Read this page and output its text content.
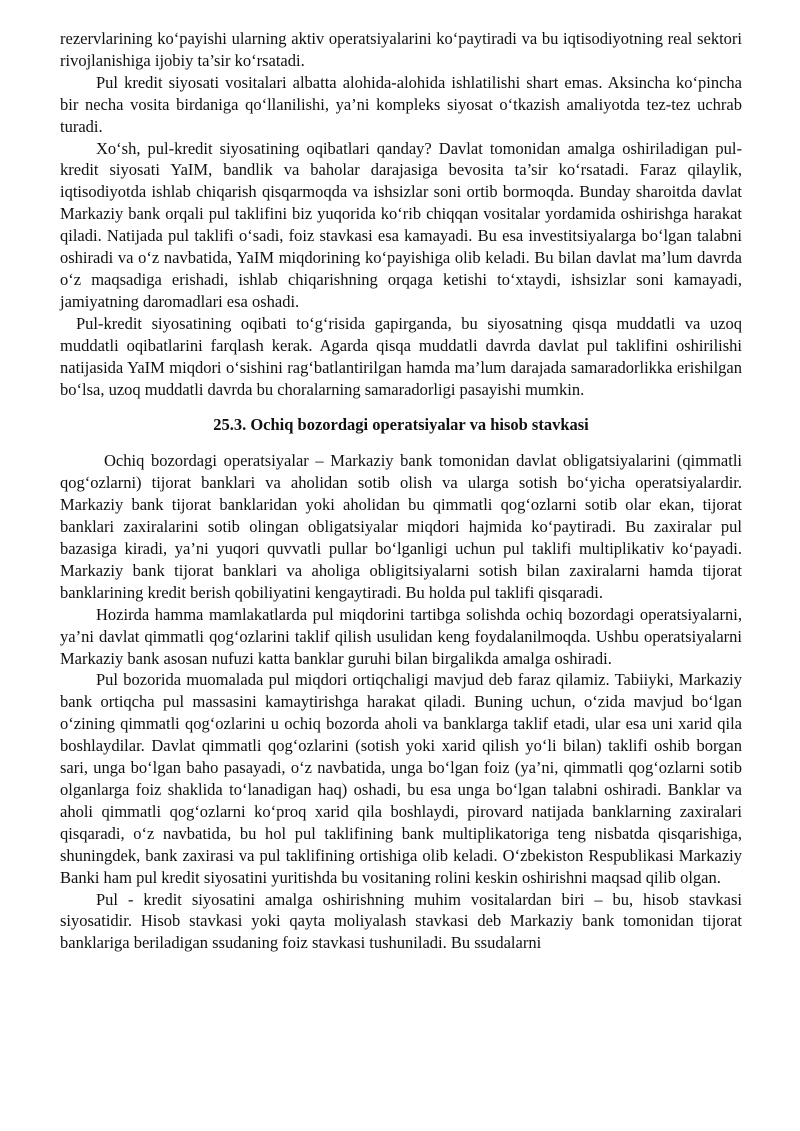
rezervlarining ko‘payishi ularning aktiv operatsiyalarini ko‘paytiradi va bu iqtisodiyotning real sektori rivojlanishiga ijobiy ta’sir ko‘rsatadi.

Pul kredit siyosati vositalari albatta alohida-alohida ishlatilishi shart emas. Aksincha ko‘pincha bir necha vosita birdaniga qo‘llanilishi, ya’ni kompleks siyosat o‘tkazish amaliyotda tez-tez uchrab turadi.

Xo‘sh, pul-kredit siyosatining oqibatlari qanday? Davlat tomonidan amalga oshiriladigan pul-kredit siyosati YaIM, bandlik va baholar darajasiga bevosita ta’sir ko‘rsatadi. Faraz qilaylik, iqtisodiyotda ishlab chiqarish qisqarmoqda va ishsizlar soni ortib bormoqda. Bunday sharoitda davlat Markaziy bank orqali pul taklifini biz yuqorida ko‘rib chiqqan vositalar yordamida oshirishga harakat qiladi. Natijada pul taklifi o‘sadi, foiz stavkasi esa kamayadi. Bu esa investitsiyalarga bo‘lgan talabni oshiradi va o‘z navbatida, YaIM miqdorining ko‘payishiga olib keladi. Bu bilan davlat ma’lum davrda o‘z maqsadiga erishadi, ishlab chiqarishning orqaga ketishi to‘xtaydi, ishsizlar soni kamayadi, jamiyatning daromadlari esa oshadi.

Pul-kredit siyosatining oqibati to‘g‘risida gapirganda, bu siyosatning qisqa muddatli va uzoq muddatli oqibatlarini farqlash kerak. Agarda qisqa muddatli davrda davlat pul taklifini oshirilishi natijasida YaIM miqdori o‘sishini rag‘batlantirilgan hamda ma’lum darajada samaradorlikka erishilgan bo‘lsa, uzoq muddatli davrda bu choralarning samaradorligi pasayishi mumkin.

25.3. Ochiq bozordagi operatsiyalar va hisob stavkasi

Ochiq bozordagi operatsiyalar – Markaziy bank tomonidan davlat obligatsiyalarini (qimmatli qog‘ozlarni) tijorat banklari va aholidan sotib olish va ularga sotish bo‘yicha operatsiyalardir. Markaziy bank tijorat banklaridan yoki aholidan bu qimmatli qog‘ozlarni sotib olar ekan, tijorat banklari zaxiralarini sotib olingan obligatsiyalar miqdori hajmida ko‘paytiradi. Bu zaxiralar pul bazasiga kiradi, ya’ni yuqori quvvatli pullar bo‘lganligi uchun pul taklifi multiplikativ ko‘payadi. Markaziy bank tijorat banklari va aholiga obligitsiyalarni sotish bilan zaxiralarni hamda tijorat banklarining kredit berish qobiliyatini kengaytiradi. Bu holda pul taklifi qisqaradi.

Hozirda hamma mamlakatlarda pul miqdorini tartibga solishda ochiq bozordagi operatsiyalarni, ya’ni davlat qimmatli qog‘ozlarini taklif qilish usulidan keng foydalanilmoqda. Ushbu operatsiyalarni Markaziy bank asosan nufuzi katta banklar guruhi bilan birgalikda amalga oshiradi.

Pul bozorida muomalada pul miqdori ortiqchaligi mavjud deb faraz qilamiz. Tabiiyki, Markaziy bank ortiqcha pul massasini kamaytirishga harakat qiladi. Buning uchun, o‘zida mavjud bo‘lgan o‘zining qimmatli qog‘ozlarini u ochiq bozorda aholi va banklarga taklif etadi, ular esa uni xarid qila boshlaydilar. Davlat qimmatli qog‘ozlarini (sotish yoki xarid qilish yo‘li bilan) taklifi oshib borgan sari, unga bo‘lgan baho pasayadi, o‘z navbatida, unga bo‘lgan foiz (ya’ni, qimmatli qog‘ozlarni sotib olganlarga foiz shaklida to‘lanadigan haq) oshadi, bu esa unga bo‘lgan talabni oshiradi. Banklar va aholi qimmatli qog‘ozlarni ko‘proq xarid qila boshlaydi, pirovard natijada banklarning zaxiralari qisqaradi, o‘z navbatida, bu hol pul taklifining bank multiplikatoriga teng nisbatda qisqarishiga, shuningdek, bank zaxirasi va pul taklifining ortishiga olib keladi. O‘zbekiston Respublikasi Markaziy Banki ham pul kredit siyosatini yuritishda bu vositaning rolini keskin oshirishni maqsad qilib olgan.

Pul - kredit siyosatini amalga oshirishning muhim vositalardan biri – bu, hisob stavkasi siyosatidir. Hisob stavkasi yoki qayta moliyalash stavkasi deb Markaziy bank tomonidan tijorat banklariga beriladigan ssudaning foiz stavkasi tushuniladi. Bu ssudalarni
